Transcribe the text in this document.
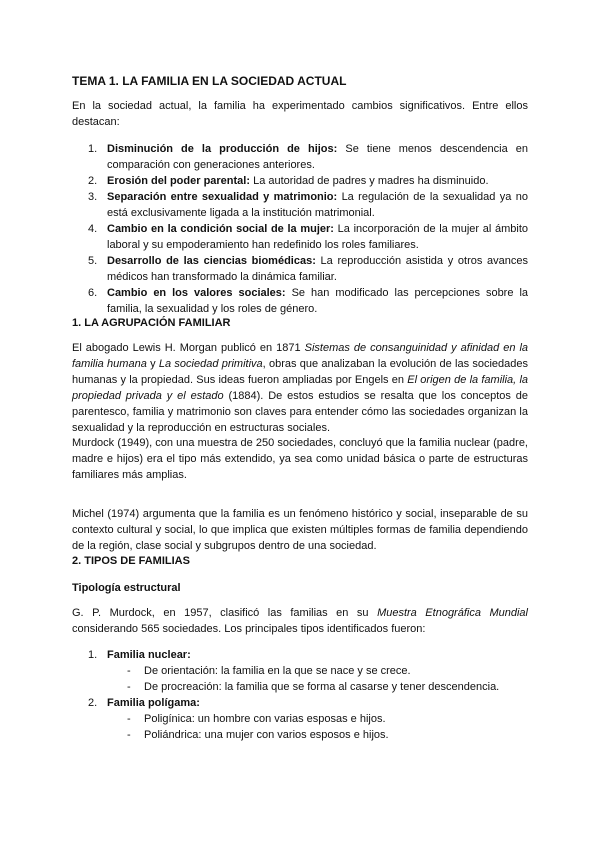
TEMA 1. LA FAMILIA EN LA SOCIEDAD ACTUAL
En la sociedad actual, la familia ha experimentado cambios significativos. Entre ellos destacan:
1. Disminución de la producción de hijos: Se tiene menos descendencia en comparación con generaciones anteriores.
2. Erosión del poder parental: La autoridad de padres y madres ha disminuido.
3. Separación entre sexualidad y matrimonio: La regulación de la sexualidad ya no está exclusivamente ligada a la institución matrimonial.
4. Cambio en la condición social de la mujer: La incorporación de la mujer al ámbito laboral y su empoderamiento han redefinido los roles familiares.
5. Desarrollo de las ciencias biomédicas: La reproducción asistida y otros avances médicos han transformado la dinámica familiar.
6. Cambio en los valores sociales: Se han modificado las percepciones sobre la familia, la sexualidad y los roles de género.
1. LA AGRUPACIÓN FAMILIAR
El abogado Lewis H. Morgan publicó en 1871 Sistemas de consanguinidad y afinidad en la familia humana y La sociedad primitiva, obras que analizaban la evolución de las sociedades humanas y la propiedad. Sus ideas fueron ampliadas por Engels en El origen de la familia, la propiedad privada y el estado (1884). De estos estudios se resalta que los conceptos de parentesco, familia y matrimonio son claves para entender cómo las sociedades organizan la sexualidad y la reproducción en estructuras sociales.
Murdock (1949), con una muestra de 250 sociedades, concluyó que la familia nuclear (padre, madre e hijos) era el tipo más extendido, ya sea como unidad básica o parte de estructuras familiares más amplias.
Michel (1974) argumenta que la familia es un fenómeno histórico y social, inseparable de su contexto cultural y social, lo que implica que existen múltiples formas de familia dependiendo de la región, clase social y subgrupos dentro de una sociedad.
2. TIPOS DE FAMILIAS
Tipología estructural
G. P. Murdock, en 1957, clasificó las familias en su Muestra Etnográfica Mundial considerando 565 sociedades. Los principales tipos identificados fueron:
1. Familia nuclear:
- De orientación: la familia en la que se nace y se crece.
- De procreación: la familia que se forma al casarse y tener descendencia.
2. Familia polígama:
- Poligínica: un hombre con varias esposas e hijos.
- Poliándrica: una mujer con varios esposos e hijos.
